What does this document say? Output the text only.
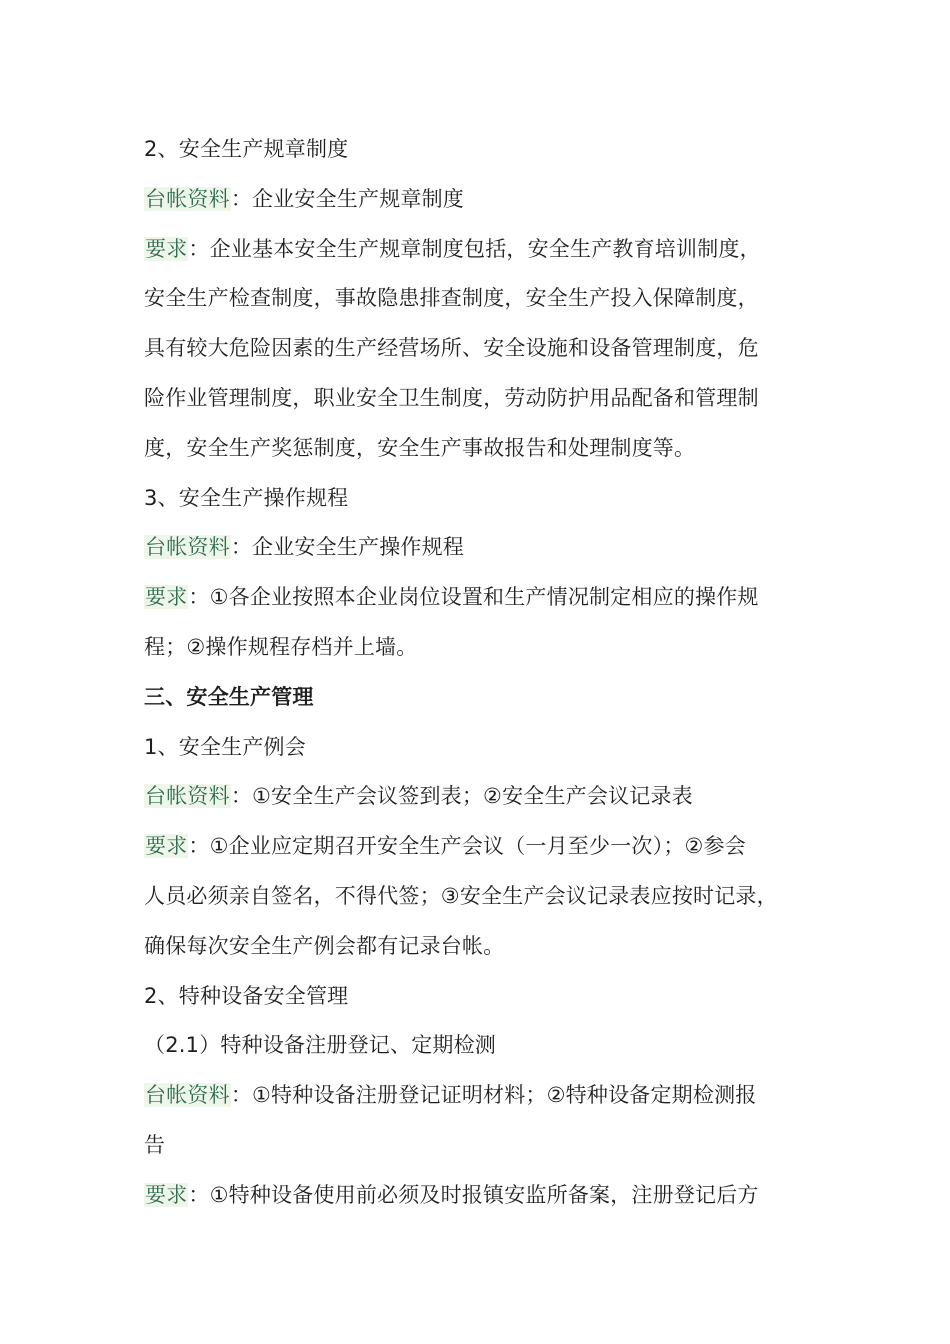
2、安全生产规章制度
台帐资料：企业安全生产规章制度
要求：企业基本安全生产规章制度包括，安全生产教育培训制度，
安全生产检查制度，事故隐患排查制度，安全生产投入保障制度，
具有较大危险因素的生产经营场所、安全设施和设备管理制度，危
险作业管理制度，职业安全卫生制度，劳动防护用品配备和管理制
度，安全生产奖惩制度，安全生产事故报告和处理制度等。
3、安全生产操作规程
台帐资料：企业安全生产操作规程
要求：①各企业按照本企业岗位设置和生产情况制定相应的操作规
程；②操作规程存档并上墙。
三、安全生产管理
1、安全生产例会
台帐资料：①安全生产会议签到表；②安全生产会议记录表
要求：①企业应定期召开安全生产会议（一月至少一次）；②参会
人员必须亲自签名，不得代签；③安全生产会议记录表应按时记录，
确保每次安全生产例会都有记录台帐。
2、特种设备安全管理
（2.1）特种设备注册登记、定期检测
台帐资料：①特种设备注册登记证明材料；②特种设备定期检测报
告
要求：①特种设备使用前必须及时报镇安监所备案，注册登记后方
